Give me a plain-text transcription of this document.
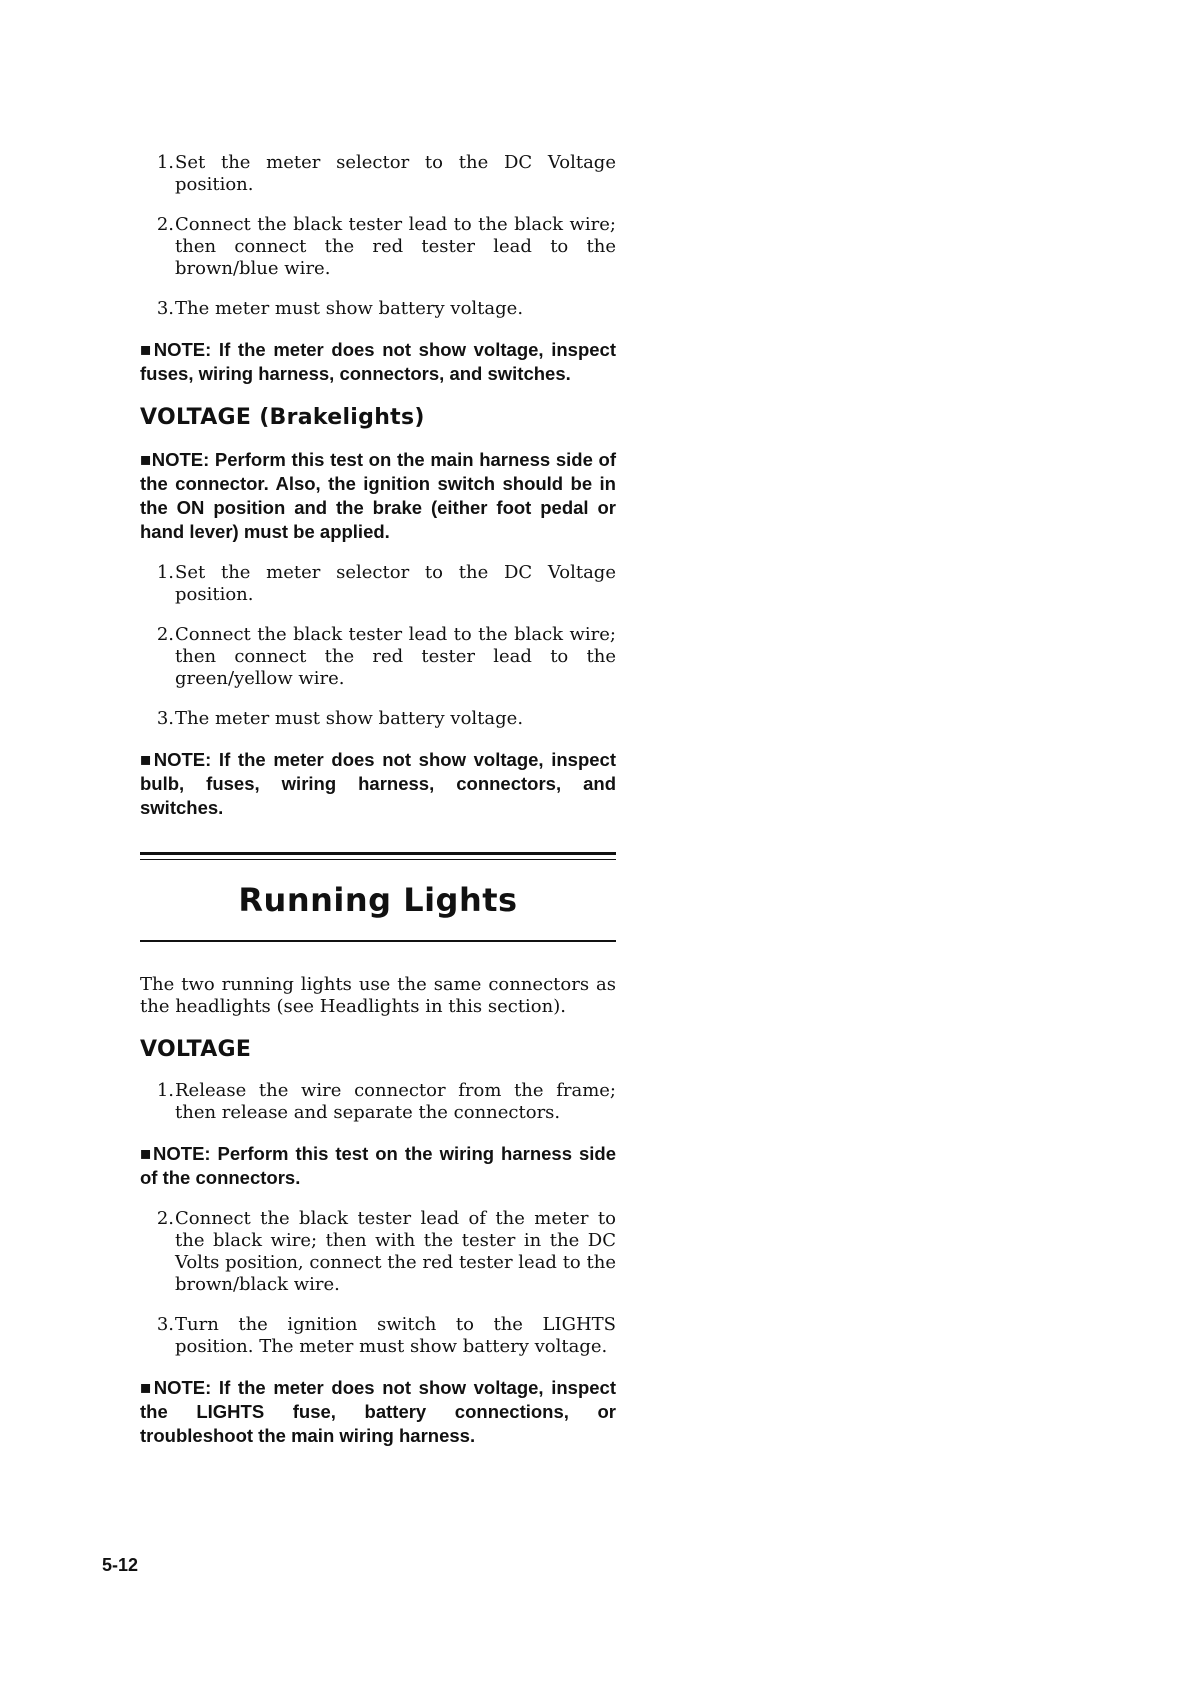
1. Set the meter selector to the DC Voltage position.
2. Connect the black tester lead to the black wire; then connect the red tester lead to the brown/blue wire.
3. The meter must show battery voltage.
■NOTE: If the meter does not show voltage, inspect fuses, wiring harness, connectors, and switches.
VOLTAGE (Brakelights)
■NOTE: Perform this test on the main harness side of the connector. Also, the ignition switch should be in the ON position and the brake (either foot pedal or hand lever) must be applied.
1. Set the meter selector to the DC Voltage position.
2. Connect the black tester lead to the black wire; then connect the red tester lead to the green/yellow wire.
3. The meter must show battery voltage.
■NOTE: If the meter does not show voltage, inspect bulb, fuses, wiring harness, connectors, and switches.
Running Lights

The two running lights use the same connectors as the headlights (see Headlights in this section).

VOLTAGE
1. Release the wire connector from the frame; then release and separate the connectors.
■NOTE: Perform this test on the wiring harness side of the connectors.
2. Connect the black tester lead of the meter to the black wire; then with the tester in the DC Volts position, connect the red tester lead to the brown/black wire.
3. Turn the ignition switch to the LIGHTS position. The meter must show battery voltage.
■NOTE: If the meter does not show voltage, inspect the LIGHTS fuse, battery connections, or troubleshoot the main wiring harness.
5-12
